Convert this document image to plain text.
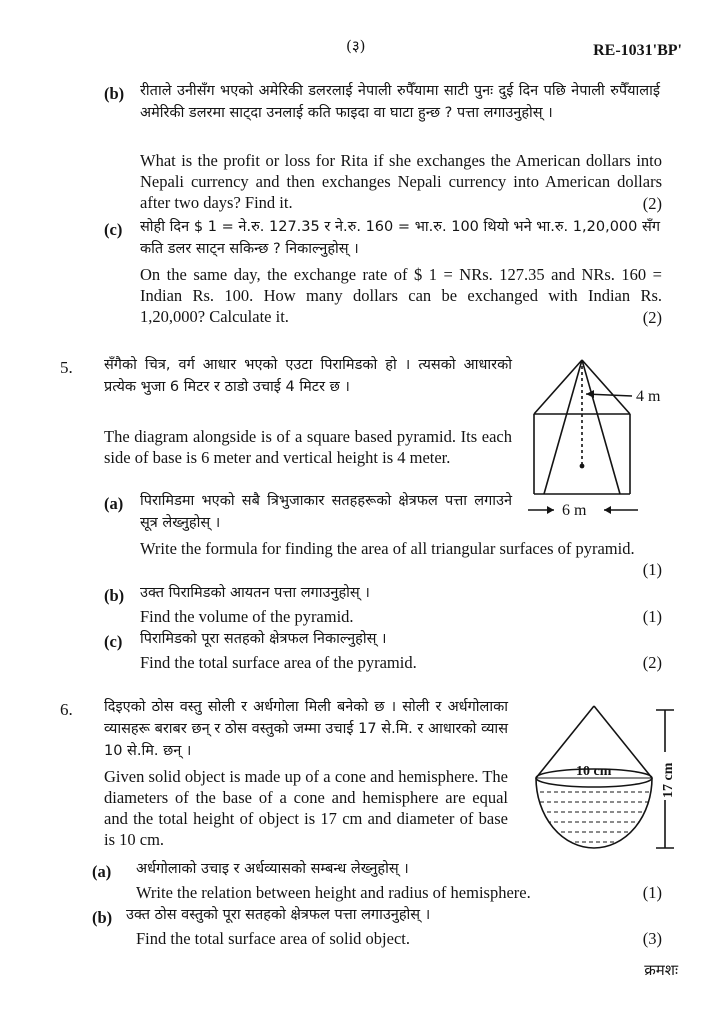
(३)	RE-1031'BP'
(b) रीताले उनीसँग भएको अमेरिकी डलरलाई नेपाली रुपैँयामा साटी पुनः दुई दिन पछि नेपाली रुपैँयालाई अमेरिकी डलरमा साट्दा उनलाई कति फाइदा वा घाटा हुन्छ ? पत्ता लगाउनुहोस् ।
What is the profit or loss for Rita if she exchanges the American dollars into Nepali currency and then exchanges Nepali currency into American dollars after two days? Find it.	(2)
(c) सोही दिन $ 1 = ने.रु. 127.35 र ने.रु. 160 = भा.रु. 100 थियो भने भा.रु. 1,20,000 सँग कति डलर साट्न सकिन्छ ? निकाल्नुहोस् ।
On the same day, the exchange rate of $ 1 = NRs. 127.35 and NRs. 160 = Indian Rs. 100. How many dollars can be exchanged with Indian Rs. 1,20,000? Calculate it.	(2)
5. सँगैको चित्र, वर्ग आधार भएको एउटा पिरामिडको हो । त्यसको आधारको प्रत्येक भुजा 6 मिटर र ठाडो उचाई 4 मिटर छ ।
The diagram alongside is of a square based pyramid. Its each side of base is 6 meter and vertical height is 4 meter.
4 m
6 m
(a) पिरामिडमा भएको सबै त्रिभुजाकार सतहहरूको क्षेत्रफल पत्ता लगाउने सूत्र लेख्नुहोस् ।
Write the formula for finding the area of all triangular surfaces of pyramid.
(1)
(b) उक्त पिरामिडको आयतन पत्ता लगाउनुहोस् ।
Find the volume of the pyramid.	(1)
(c) पिरामिडको पूरा सतहको क्षेत्रफल निकाल्नुहोस् ।
Find the total surface area of the pyramid.	(2)
6. दिइएको ठोस वस्तु सोली र अर्धगोला मिली बनेको छ । सोली र अर्धगोलाका व्यासहरू बराबर छन् र ठोस वस्तुको जम्मा उचाई 17 से.मि. र आधारको व्यास 10 से.मि. छन् ।
Given solid object is made up of a cone and hemisphere. The diameters of the base of a cone and hemisphere are equal and the total height of object is 17 cm and diameter of base is 10 cm.
10 cm	17 cm
(a) अर्धगोलाको उचाइ र अर्धव्यासको सम्बन्ध लेख्नुहोस् ।
Write the relation between height and radius of hemisphere.	(1)
(b) उक्त ठोस वस्तुको पूरा सतहको क्षेत्रफल पत्ता लगाउनुहोस् ।
Find the total surface area of solid object.	(3)
क्रमशः
